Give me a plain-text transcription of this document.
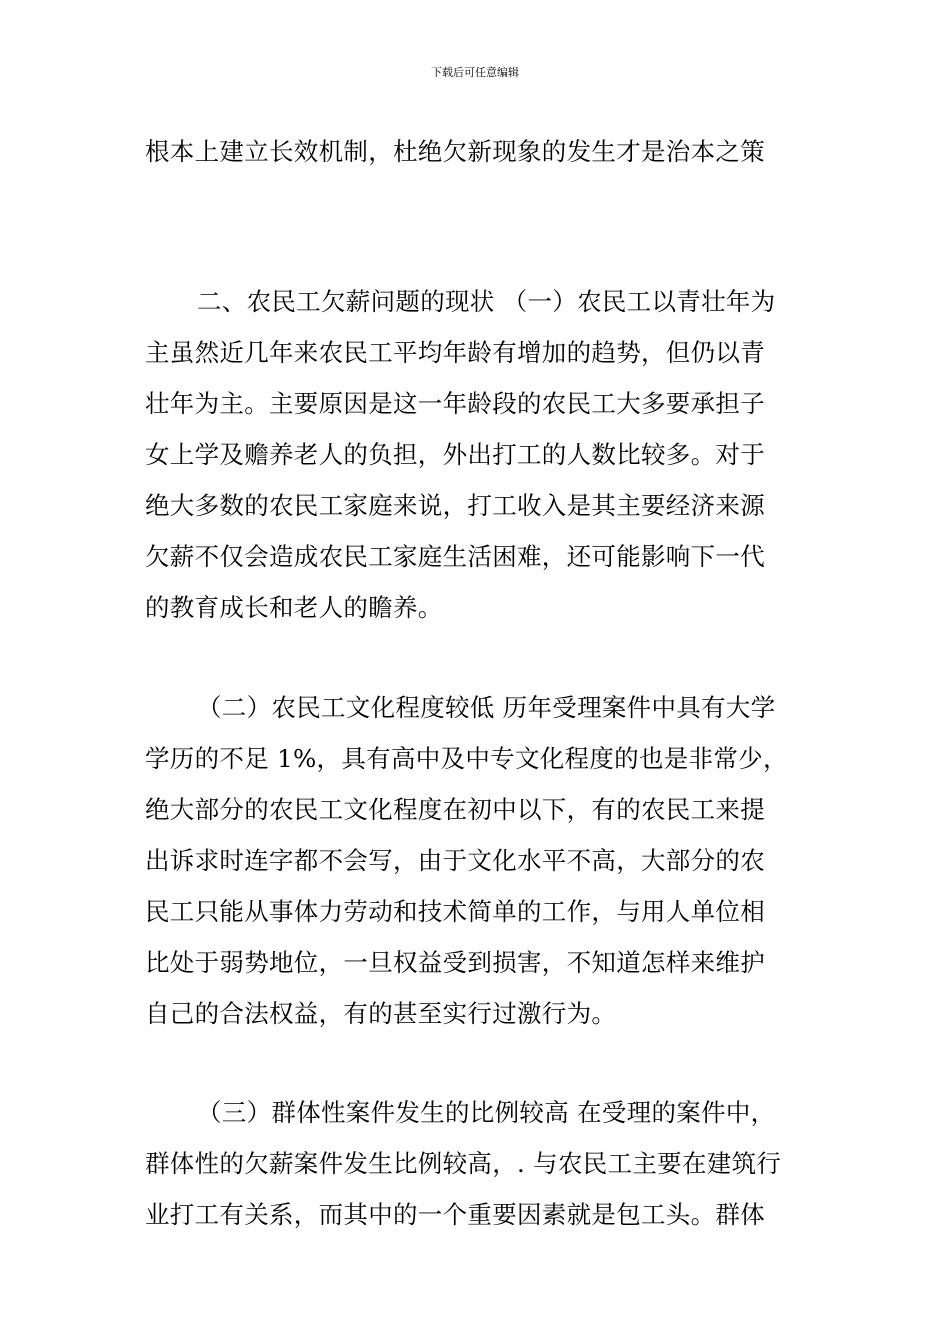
下载后可任意编辑
根本上建立长效机制，杜绝欠新现象的发生才是治本之策
二、农民工欠薪问题的现状 （一）农民工以青壮年为
主虽然近几年来农民工平均年龄有增加的趋势，但仍以青
壮年为主。主要原因是这一年龄段的农民工大多要承担子
女上学及赡养老人的负担，外出打工的人数比较多。对于
绝大多数的农民工家庭来说，打工收入是其主要经济来源
欠薪不仅会造成农民工家庭生活困难，还可能影响下一代
的教育成长和老人的瞻养。
（二）农民工文化程度较低 历年受理案件中具有大学
学历的不足 1%，具有高中及中专文化程度的也是非常少，
绝大部分的农民工文化程度在初中以下，有的农民工来提
出诉求时连字都不会写，由于文化水平不高，大部分的农
民工只能从事体力劳动和技术简单的工作，与用人单位相
比处于弱势地位，一旦权益受到损害，不知道怎样来维护
自己的合法权益，有的甚至实行过激行为。
（三）群体性案件发生的比例较高 在受理的案件中，
群体性的欠薪案件发生比例较高，. 与农民工主要在建筑行
业打工有关系，而其中的一个重要因素就是包工头。群体
